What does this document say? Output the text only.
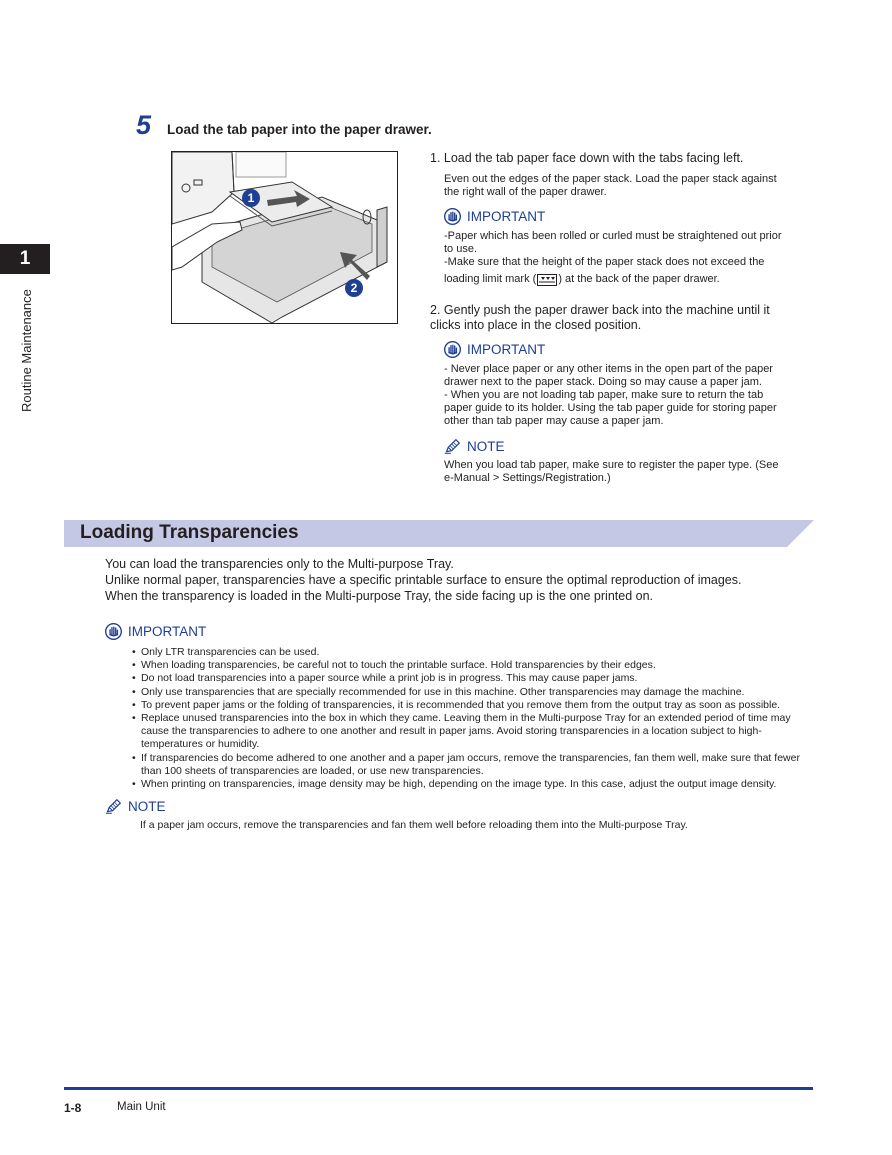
1
Routine Maintenance
5 Load the tab paper into the paper drawer.
1
2
1. Load the tab paper face down with the tabs facing left.
Even out the edges of the paper stack. Load the paper stack against the right wall of the paper drawer.
IMPORTANT
-Paper which has been rolled or curled must be straightened out prior to use.
-Make sure that the height of the paper stack does not exceed the
loading limit mark ( ) at the back of the paper drawer.
2. Gently push the paper drawer back into the machine until it clicks into place in the closed position.
IMPORTANT
- Never place paper or any other items in the open part of the paper drawer next to the paper stack. Doing so may cause a paper jam.
- When you are not loading tab paper, make sure to return the tab paper guide to its holder. Using the tab paper guide for storing paper other than tab paper may cause a paper jam.
NOTE
When you load tab paper, make sure to register the paper type. (See e-Manual > Settings/Registration.)
Loading Transparencies
You can load the transparencies only to the Multi-purpose Tray.
Unlike normal paper, transparencies have a specific printable surface to ensure the optimal reproduction of images.
When the transparency is loaded in the Multi-purpose Tray, the side facing up is the one printed on.
IMPORTANT
• Only LTR transparencies can be used.
• When loading transparencies, be careful not to touch the printable surface. Hold transparencies by their edges.
• Do not load transparencies into a paper source while a print job is in progress. This may cause paper jams.
• Only use transparencies that are specially recommended for use in this machine. Other transparencies may damage the machine.
• To prevent paper jams or the folding of transparencies, it is recommended that you remove them from the output tray as soon as possible.
• Replace unused transparencies into the box in which they came. Leaving them in the Multi-purpose Tray for an extended period of time may cause the transparencies to adhere to one another and result in paper jams. Avoid storing transparencies in a location subject to high-temperatures or humidity.
• If transparencies do become adhered to one another and a paper jam occurs, remove the transparencies, fan them well, make sure that fewer than 100 sheets of transparencies are loaded, or use new transparencies.
• When printing on transparencies, image density may be high, depending on the image type. In this case, adjust the output image density.
NOTE
If a paper jam occurs, remove the transparencies and fan them well before reloading them into the Multi-purpose Tray.
1-8	Main Unit
